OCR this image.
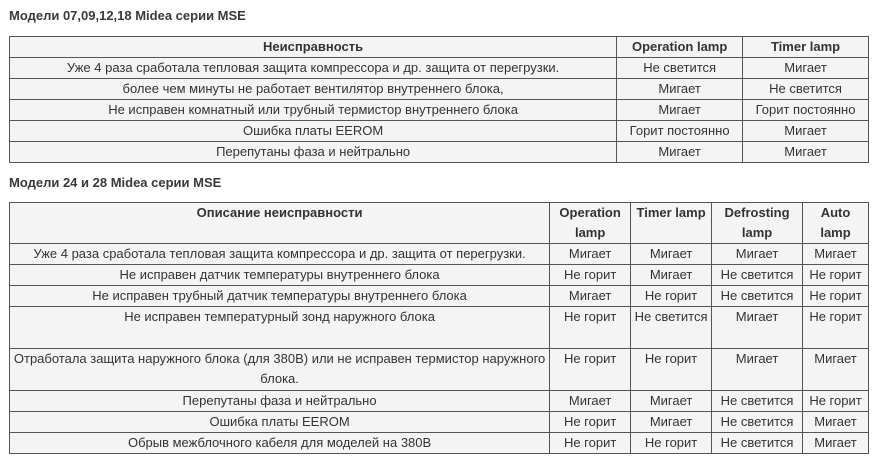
Модели 07,09,12,18 Midea серии MSE
Неисправность	Operation lamp	Timer lamp
Уже 4 раза сработала тепловая защита компрессора и др. защита от перегрузки.	Не светится	Мигает
более чем минуты не работает вентилятор внутреннего блока,	Мигает	Не светится
Не исправен комнатный или трубный термистор внутреннего блока	Мигает	Горит постоянно
Ошибка платы EEROM	Горит постоянно	Мигает
Перепутаны фаза и нейтрально	Мигает	Мигает
Модели 24 и 28 Midea серии MSE
Описание неисправности	Operation lamp	Timer lamp	Defrosting lamp	Auto lamp
Уже 4 раза сработала тепловая защита компрессора и др. защита от перегрузки.	Мигает	Мигает	Мигает	Мигает
Не исправен датчик температуры внутреннего блока	Не горит	Мигает	Не светится	Не горит
Не исправен трубный датчик температуры внутреннего блока	Мигает	Не горит	Не светится	Не горит
Не исправен температурный зонд наружного блока	Не горит	Не светится	Мигает	Не горит
Отработала защита наружного блока (для 380В) или не исправен термистор наружного блока.	Не горит	Не горит	Мигает	Мигает
Перепутаны фаза и нейтрально	Мигает	Мигает	Не светится	Не горит
Ошибка платы EEROM	Не горит	Мигает	Не светится	Мигает
Обрыв межблочного кабеля для моделей на 380В	Не горит	Не горит	Не светится	Мигает
